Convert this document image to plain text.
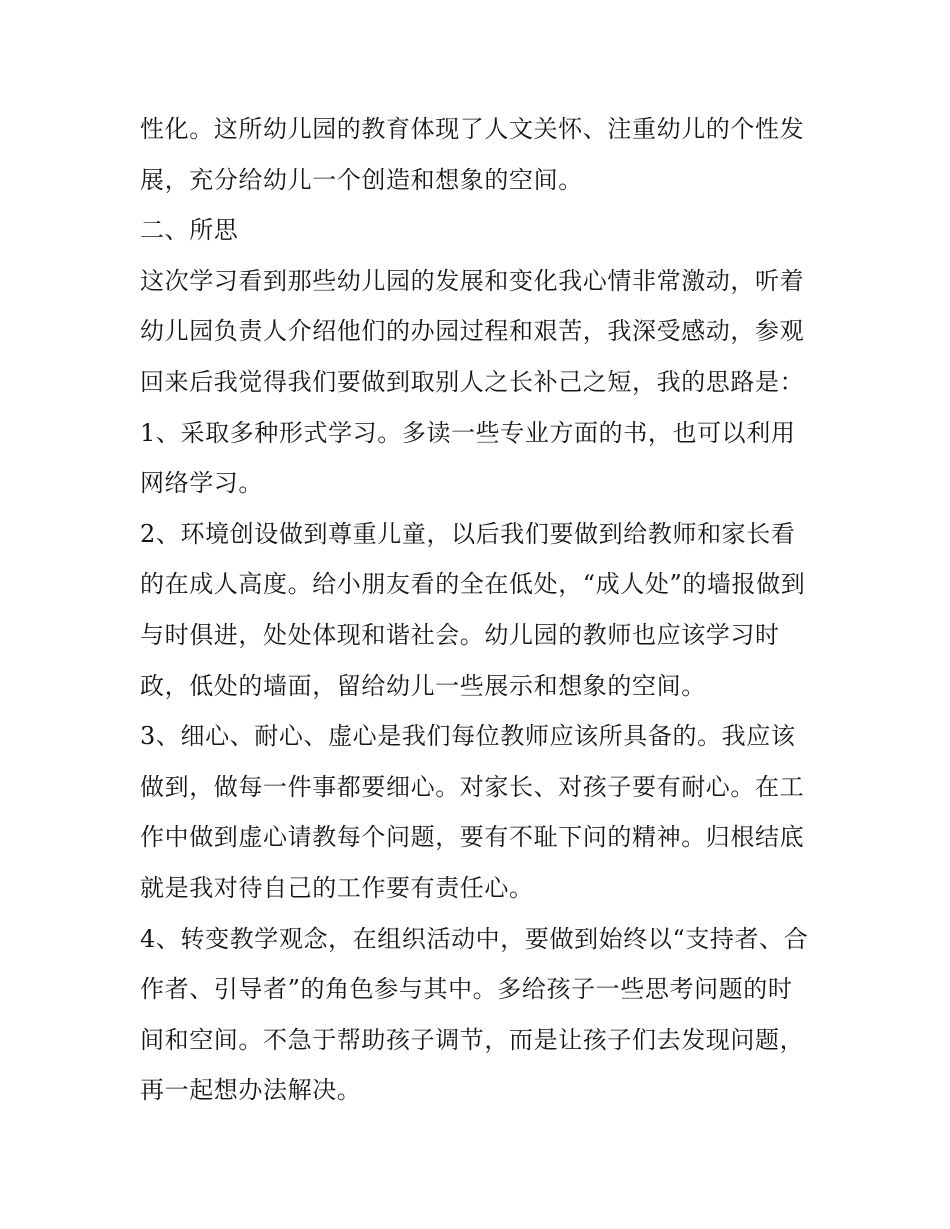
性化。这所幼儿园的教育体现了人文关怀、注重幼儿的个性发
展，充分给幼儿一个创造和想象的空间。

二、所思

这次学习看到那些幼儿园的发展和变化我心情非常激动，听着
幼儿园负责人介绍他们的办园过程和艰苦，我深受感动，参观
回来后我觉得我们要做到取别人之长补己之短，我的思路是：

1、采取多种形式学习。多读一些专业方面的书，也可以利用
网络学习。

2、环境创设做到尊重儿童，以后我们要做到给教师和家长看
的在成人高度。给小朋友看的全在低处，“成人处”的墙报做到
与时俱进，处处体现和谐社会。幼儿园的教师也应该学习时
政，低处的墙面，留给幼儿一些展示和想象的空间。

3、细心、耐心、虚心是我们每位教师应该所具备的。我应该
做到，做每一件事都要细心。对家长、对孩子要有耐心。在工
作中做到虚心请教每个问题，要有不耻下问的精神。归根结底
就是我对待自己的工作要有责任心。

4、转变教学观念，在组织活动中，要做到始终以“支持者、合
作者、引导者”的角色参与其中。多给孩子一些思考问题的时
间和空间。不急于帮助孩子调节，而是让孩子们去发现问题，
再一起想办法解决。
